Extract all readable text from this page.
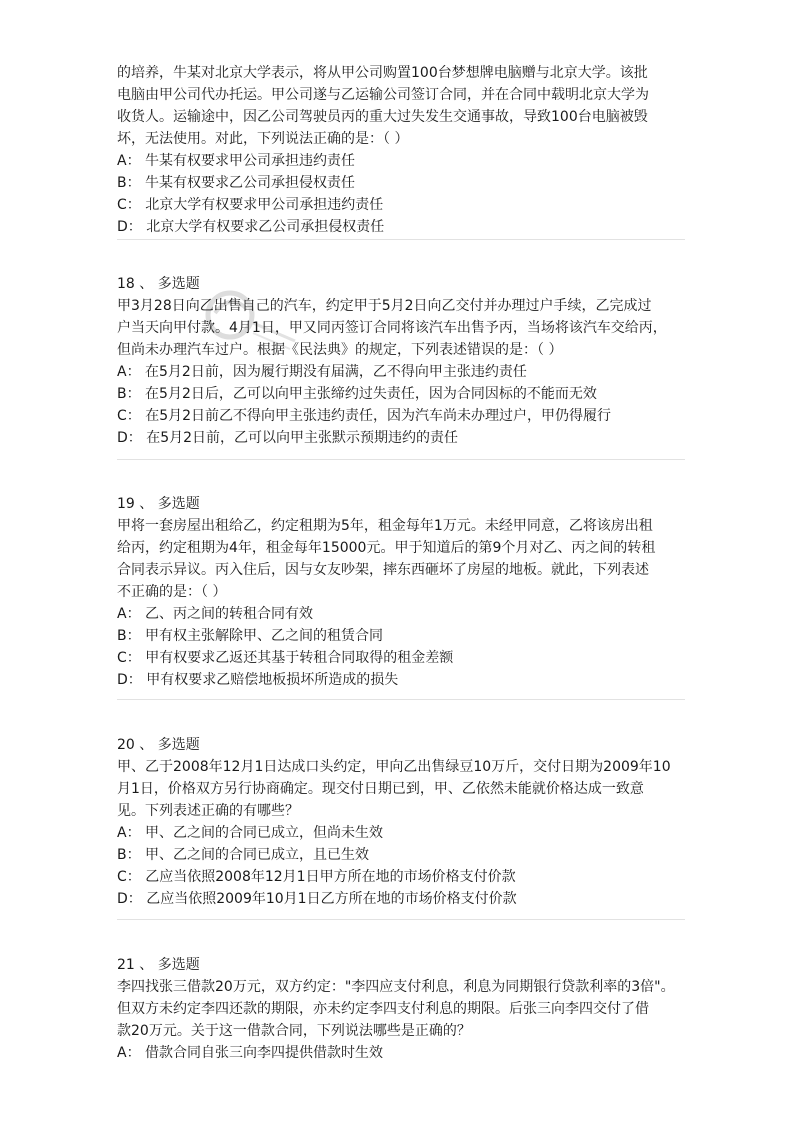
的培养，牛某对北京大学表示，将从甲公司购置100台梦想牌电脑赠与北京大学。该批

电脑由甲公司代办托运。甲公司遂与乙运输公司签订合同，并在合同中载明北京大学为

收货人。运输途中，因乙公司驾驶员丙的重大过失发生交通事故，导致100台电脑被毁

坏，无法使用。对此，下列说法正确的是：（ ）

A： 牛某有权要求甲公司承担违约责任

B： 牛某有权要求乙公司承担侵权责任

C： 北京大学有权要求甲公司承担违约责任

D： 北京大学有权要求乙公司承担侵权责任

18 、 多选题

甲3月28日向乙出售自己的汽车，约定甲于5月2日向乙交付并办理过户手续，乙完成过

户当天向甲付款。4月1日，甲又同丙签订合同将该汽车出售予丙，当场将该汽车交给丙，

但尚未办理汽车过户。根据《民法典》的规定，下列表述错误的是：（ ）

A： 在5月2日前，因为履行期没有届满，乙不得向甲主张违约责任

B： 在5月2日后，乙可以向甲主张缔约过失责任，因为合同因标的不能而无效

C： 在5月2日前乙不得向甲主张违约责任，因为汽车尚未办理过户，甲仍得履行

D： 在5月2日前，乙可以向甲主张默示预期违约的责任

19 、 多选题

甲将一套房屋出租给乙，约定租期为5年，租金每年1万元。未经甲同意，乙将该房出租

给丙，约定租期为4年，租金每年15000元。甲于知道后的第9个月对乙、丙之间的转租

合同表示异议。丙入住后，因与女友吵架，摔东西砸坏了房屋的地板。就此，下列表述

不正确的是：（ ）

A： 乙、丙之间的转租合同有效

B： 甲有权主张解除甲、乙之间的租赁合同

C： 甲有权要求乙返还其基于转租合同取得的租金差额

D： 甲有权要求乙赔偿地板损坏所造成的损失

20 、 多选题

甲、乙于2008年12月1日达成口头约定，甲向乙出售绿豆10万斤，交付日期为2009年10

月1日，价格双方另行协商确定。现交付日期已到，甲、乙依然未能就价格达成一致意

见。下列表述正确的有哪些？

A： 甲、乙之间的合同已成立，但尚未生效

B： 甲、乙之间的合同已成立，且已生效

C： 乙应当依照2008年12月1日甲方所在地的市场价格支付价款

D： 乙应当依照2009年10月1日乙方所在地的市场价格支付价款

21 、 多选题

李四找张三借款20万元，双方约定："李四应支付利息，利息为同期银行贷款利率的3倍"。

但双方未约定李四还款的期限，亦未约定李四支付利息的期限。后张三向李四交付了借

款20万元。关于这一借款合同，下列说法哪些是正确的？

A： 借款合同自张三向李四提供借款时生效
